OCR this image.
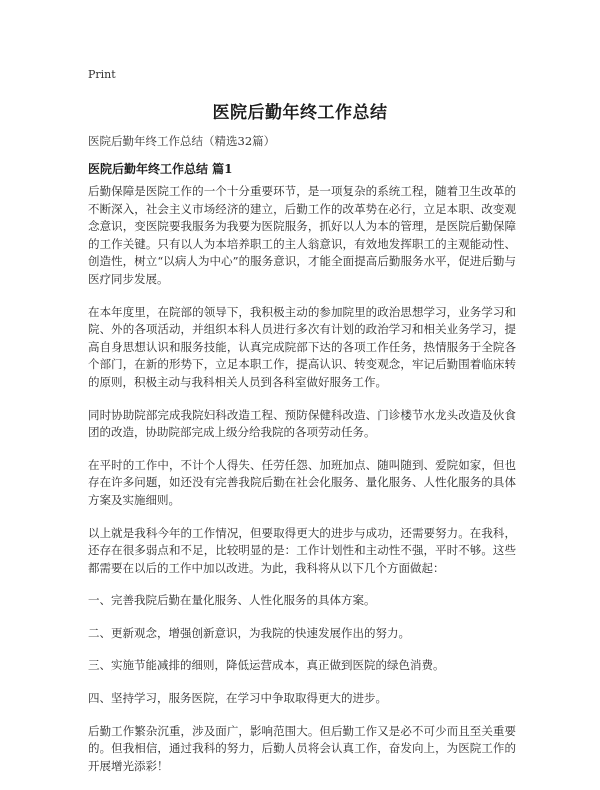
Print
医院后勤年终工作总结
医院后勤年终工作总结（精选32篇）
医院后勤年终工作总结 篇1

后勤保障是医院工作的一个十分重要环节，是一项复杂的系统工程，随着卫生改革的不断深入，社会主义市场经济的建立，后勤工作的改革势在必行，立足本职、改变观念意识，变医院要我服务为我要为医院服务，抓好以人为本的管理，是医院后勤保障的工作关键。只有以人为本培养职工的主人翁意识，有效地发挥职工的主观能动性、创造性，树立“以病人为中心”的服务意识，才能全面提高后勤服务水平，促进后勤与医疗同步发展。

在本年度里，在院部的领导下，我积极主动的参加院里的政治思想学习，业务学习和院、外的各项活动，并组织本科人员进行多次有计划的政治学习和相关业务学习，提高自身思想认识和服务技能，认真完成院部下达的各项工作任务，热情服务于全院各个部门，在新的形势下，立足本职工作，提高认识、转变观念，牢记后勤围着临床转的原则，积极主动与我科相关人员到各科室做好服务工作。

同时协助院部完成我院妇科改造工程、预防保健科改造、门诊楼节水龙头改造及伙食团的改造，协助院部完成上级分给我院的各项劳动任务。

在平时的工作中，不计个人得失、任劳任怨、加班加点、随叫随到、爱院如家，但也存在许多问题，如还没有完善我院后勤在社会化服务、量化服务、人性化服务的具体方案及实施细则。

以上就是我科今年的工作情况，但要取得更大的进步与成功，还需要努力。在我科，还存在很多弱点和不足，比较明显的是：工作计划性和主动性不强，平时不够。这些都需要在以后的工作中加以改进。为此，我科将从以下几个方面做起：

一、完善我院后勤在量化服务、人性化服务的具体方案。

二、更新观念，增强创新意识，为我院的快速发展作出的努力。

三、实施节能减排的细则，降低运营成本，真正做到医院的绿色消费。

四、坚持学习，服务医院，在学习中争取取得更大的进步。

后勤工作繁杂沉重，涉及面广，影响范围大。但后勤工作又是必不可少而且至关重要的。但我相信，通过我科的努力，后勤人员将会认真工作，奋发向上，为医院工作的开展增光添彩！
